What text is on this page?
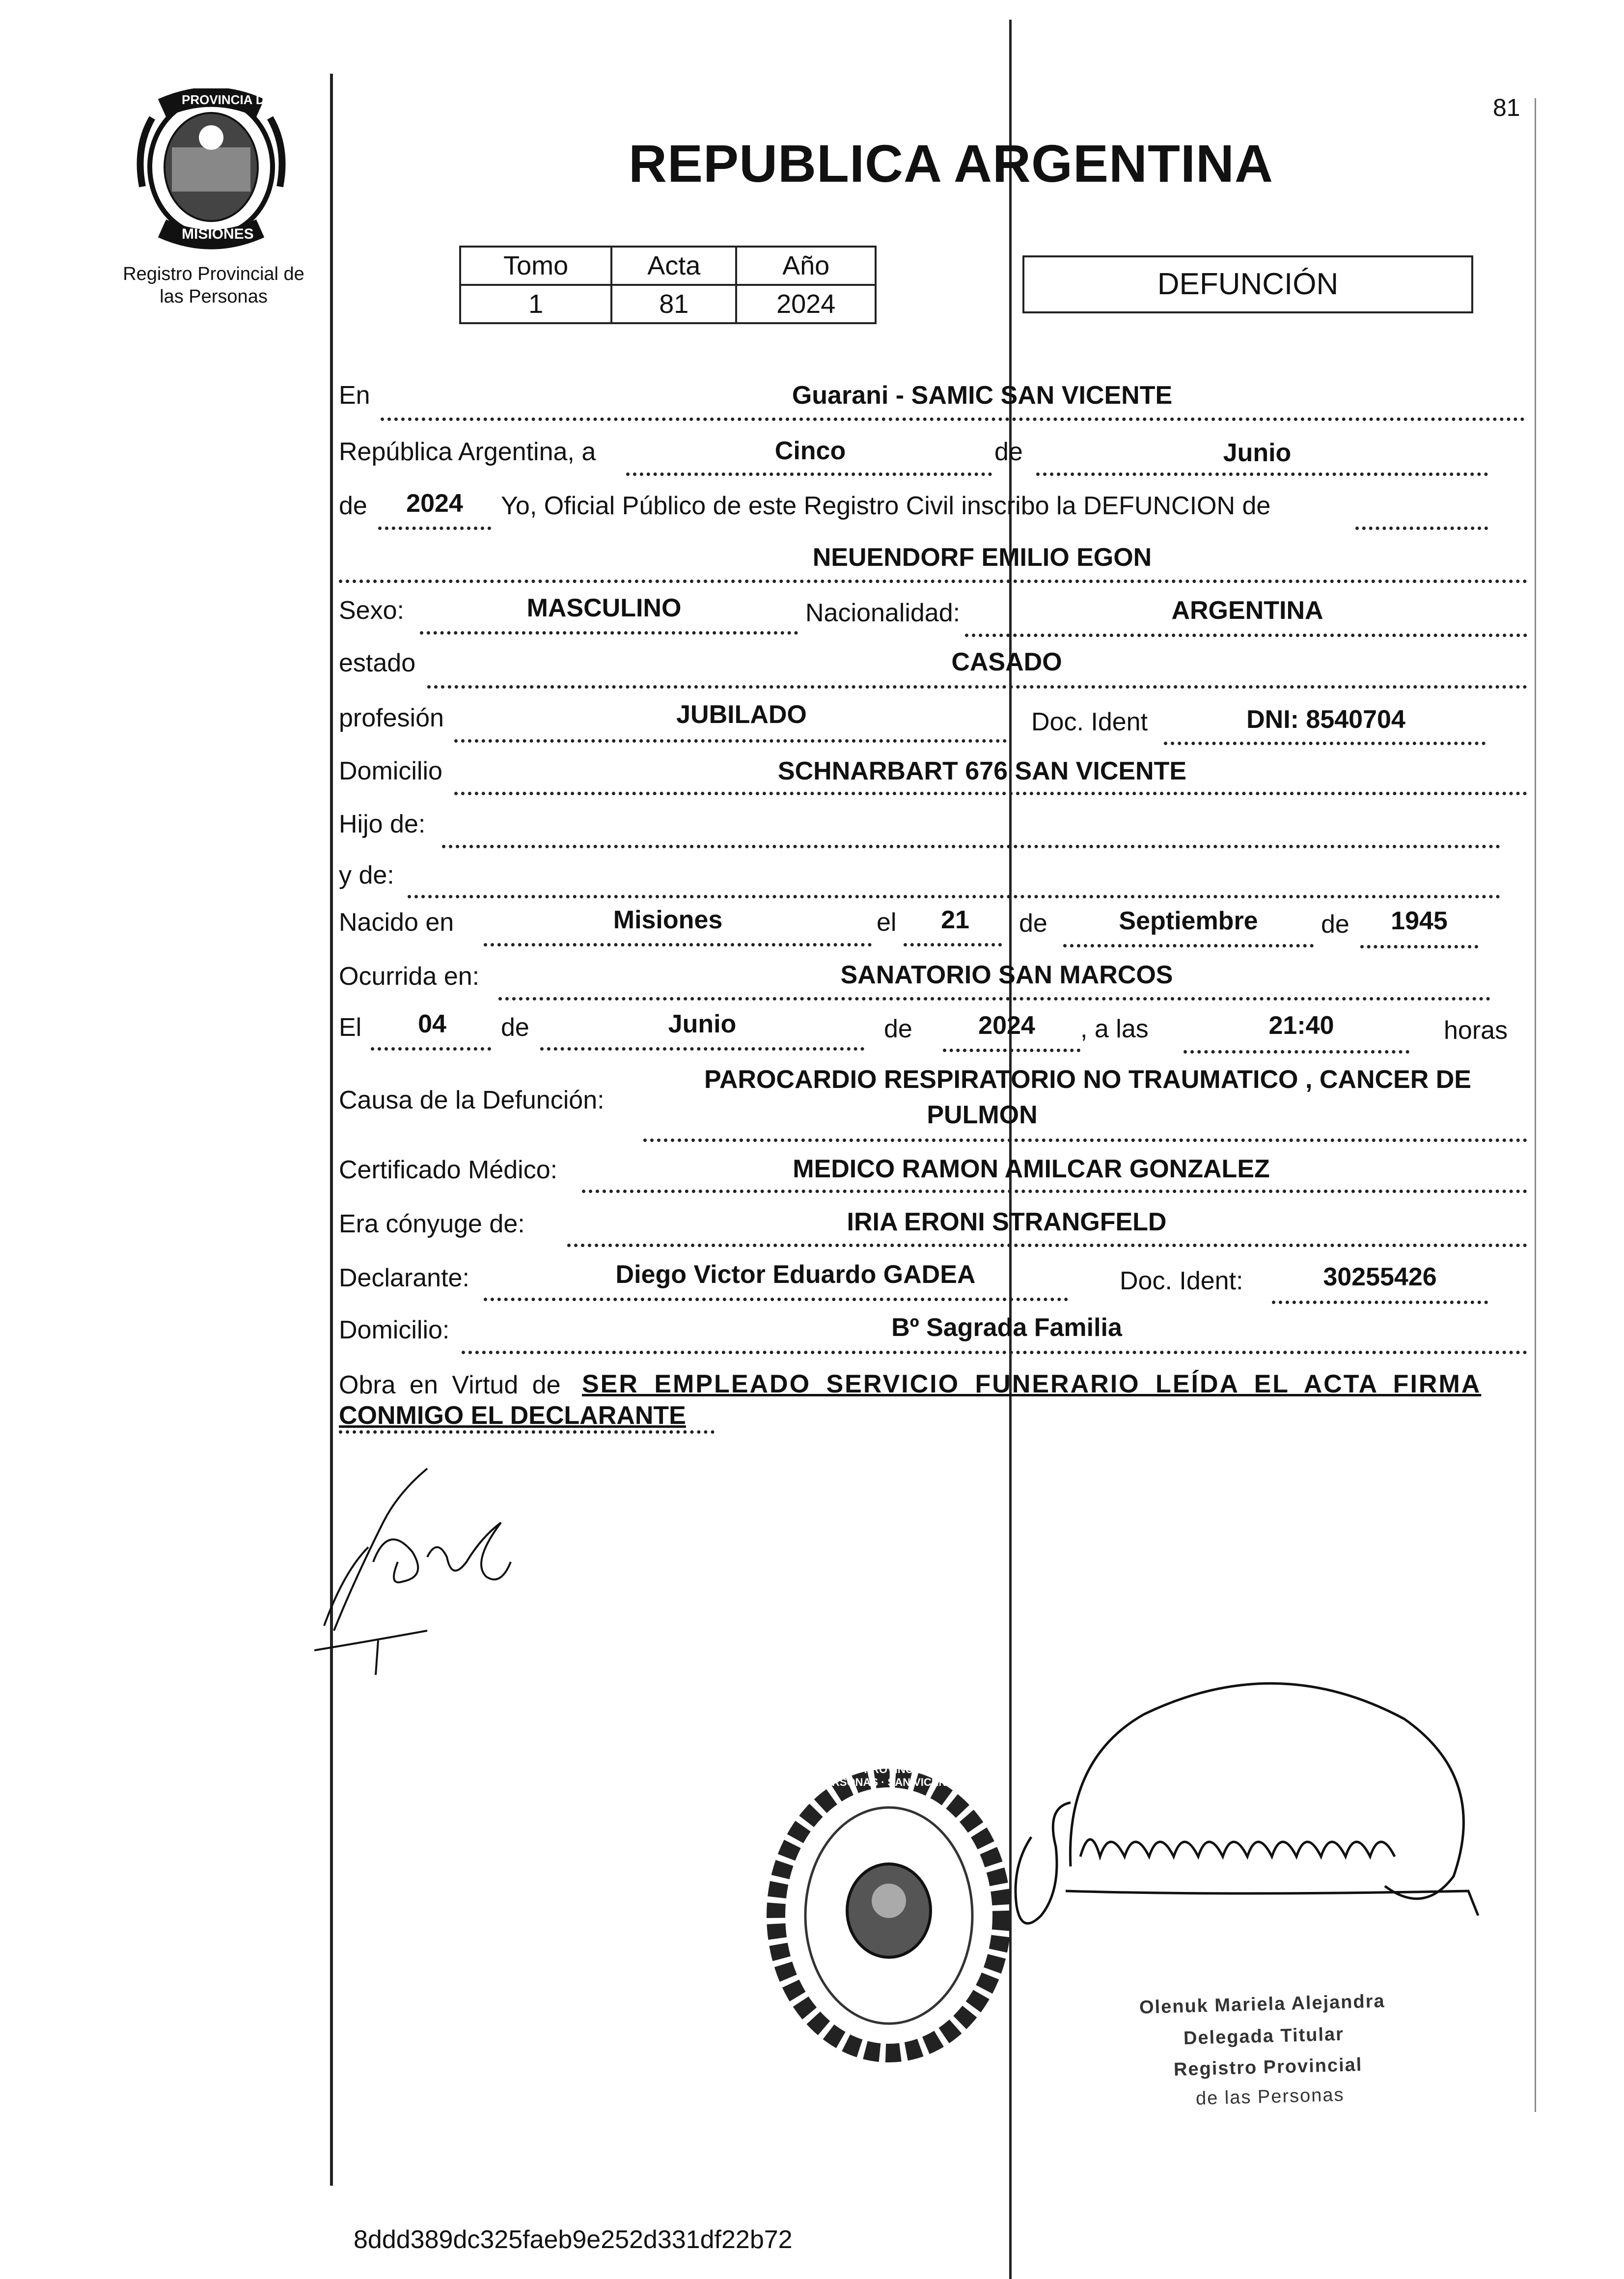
81
PROVINCIA DE
MISIONES
Registro Provincial de las Personas
REPUBLICA ARGENTINA
Tomo	Acta	Año
1	81	2024
DEFUNCIÓN
En	Guarani - SAMIC SAN VICENTE
República Argentina, a	Cinco	de	Junio
de	2024	Yo, Oficial Público de este Registro Civil inscribo la DEFUNCION de
NEUENDORF EMILIO EGON
Sexo:	MASCULINO	Nacionalidad:	ARGENTINA
estado	CASADO
profesión	JUBILADO	Doc. Ident	DNI: 8540704
Domicilio	SCHNARBART 676 SAN VICENTE
Hijo de:
y de:
Nacido en	Misiones	el	21	de	Septiembre	de	1945
Ocurrida en:	SANATORIO SAN MARCOS
El	04	de	Junio	de	2024	, a las	21:40	horas
Causa de la Defunción:
PAROCARDIO RESPIRATORIO NO TRAUMATICO , CANCER DE
PULMON
Certificado Médico:	MEDICO RAMON AMILCAR GONZALEZ
Era cónyuge de:	IRIA ERONI STRANGFELD
Declarante:	Diego Victor Eduardo GADEA	Doc. Ident:	30255426
Domicilio:	Bº Sagrada Familia
Obra en Virtud de SER EMPLEADO SERVICIO FUNERARIO LEÍDA EL ACTA FIRMA
CONMIGO EL DECLARANTE
REGISTRO PROVINCIAL DE LAS PERSONAS · SAN VICENTE
Olenuk Mariela Alejandra
Delegada Titular
Registro Provincial
de las Personas
8ddd389dc325faeb9e252d331df22b72
